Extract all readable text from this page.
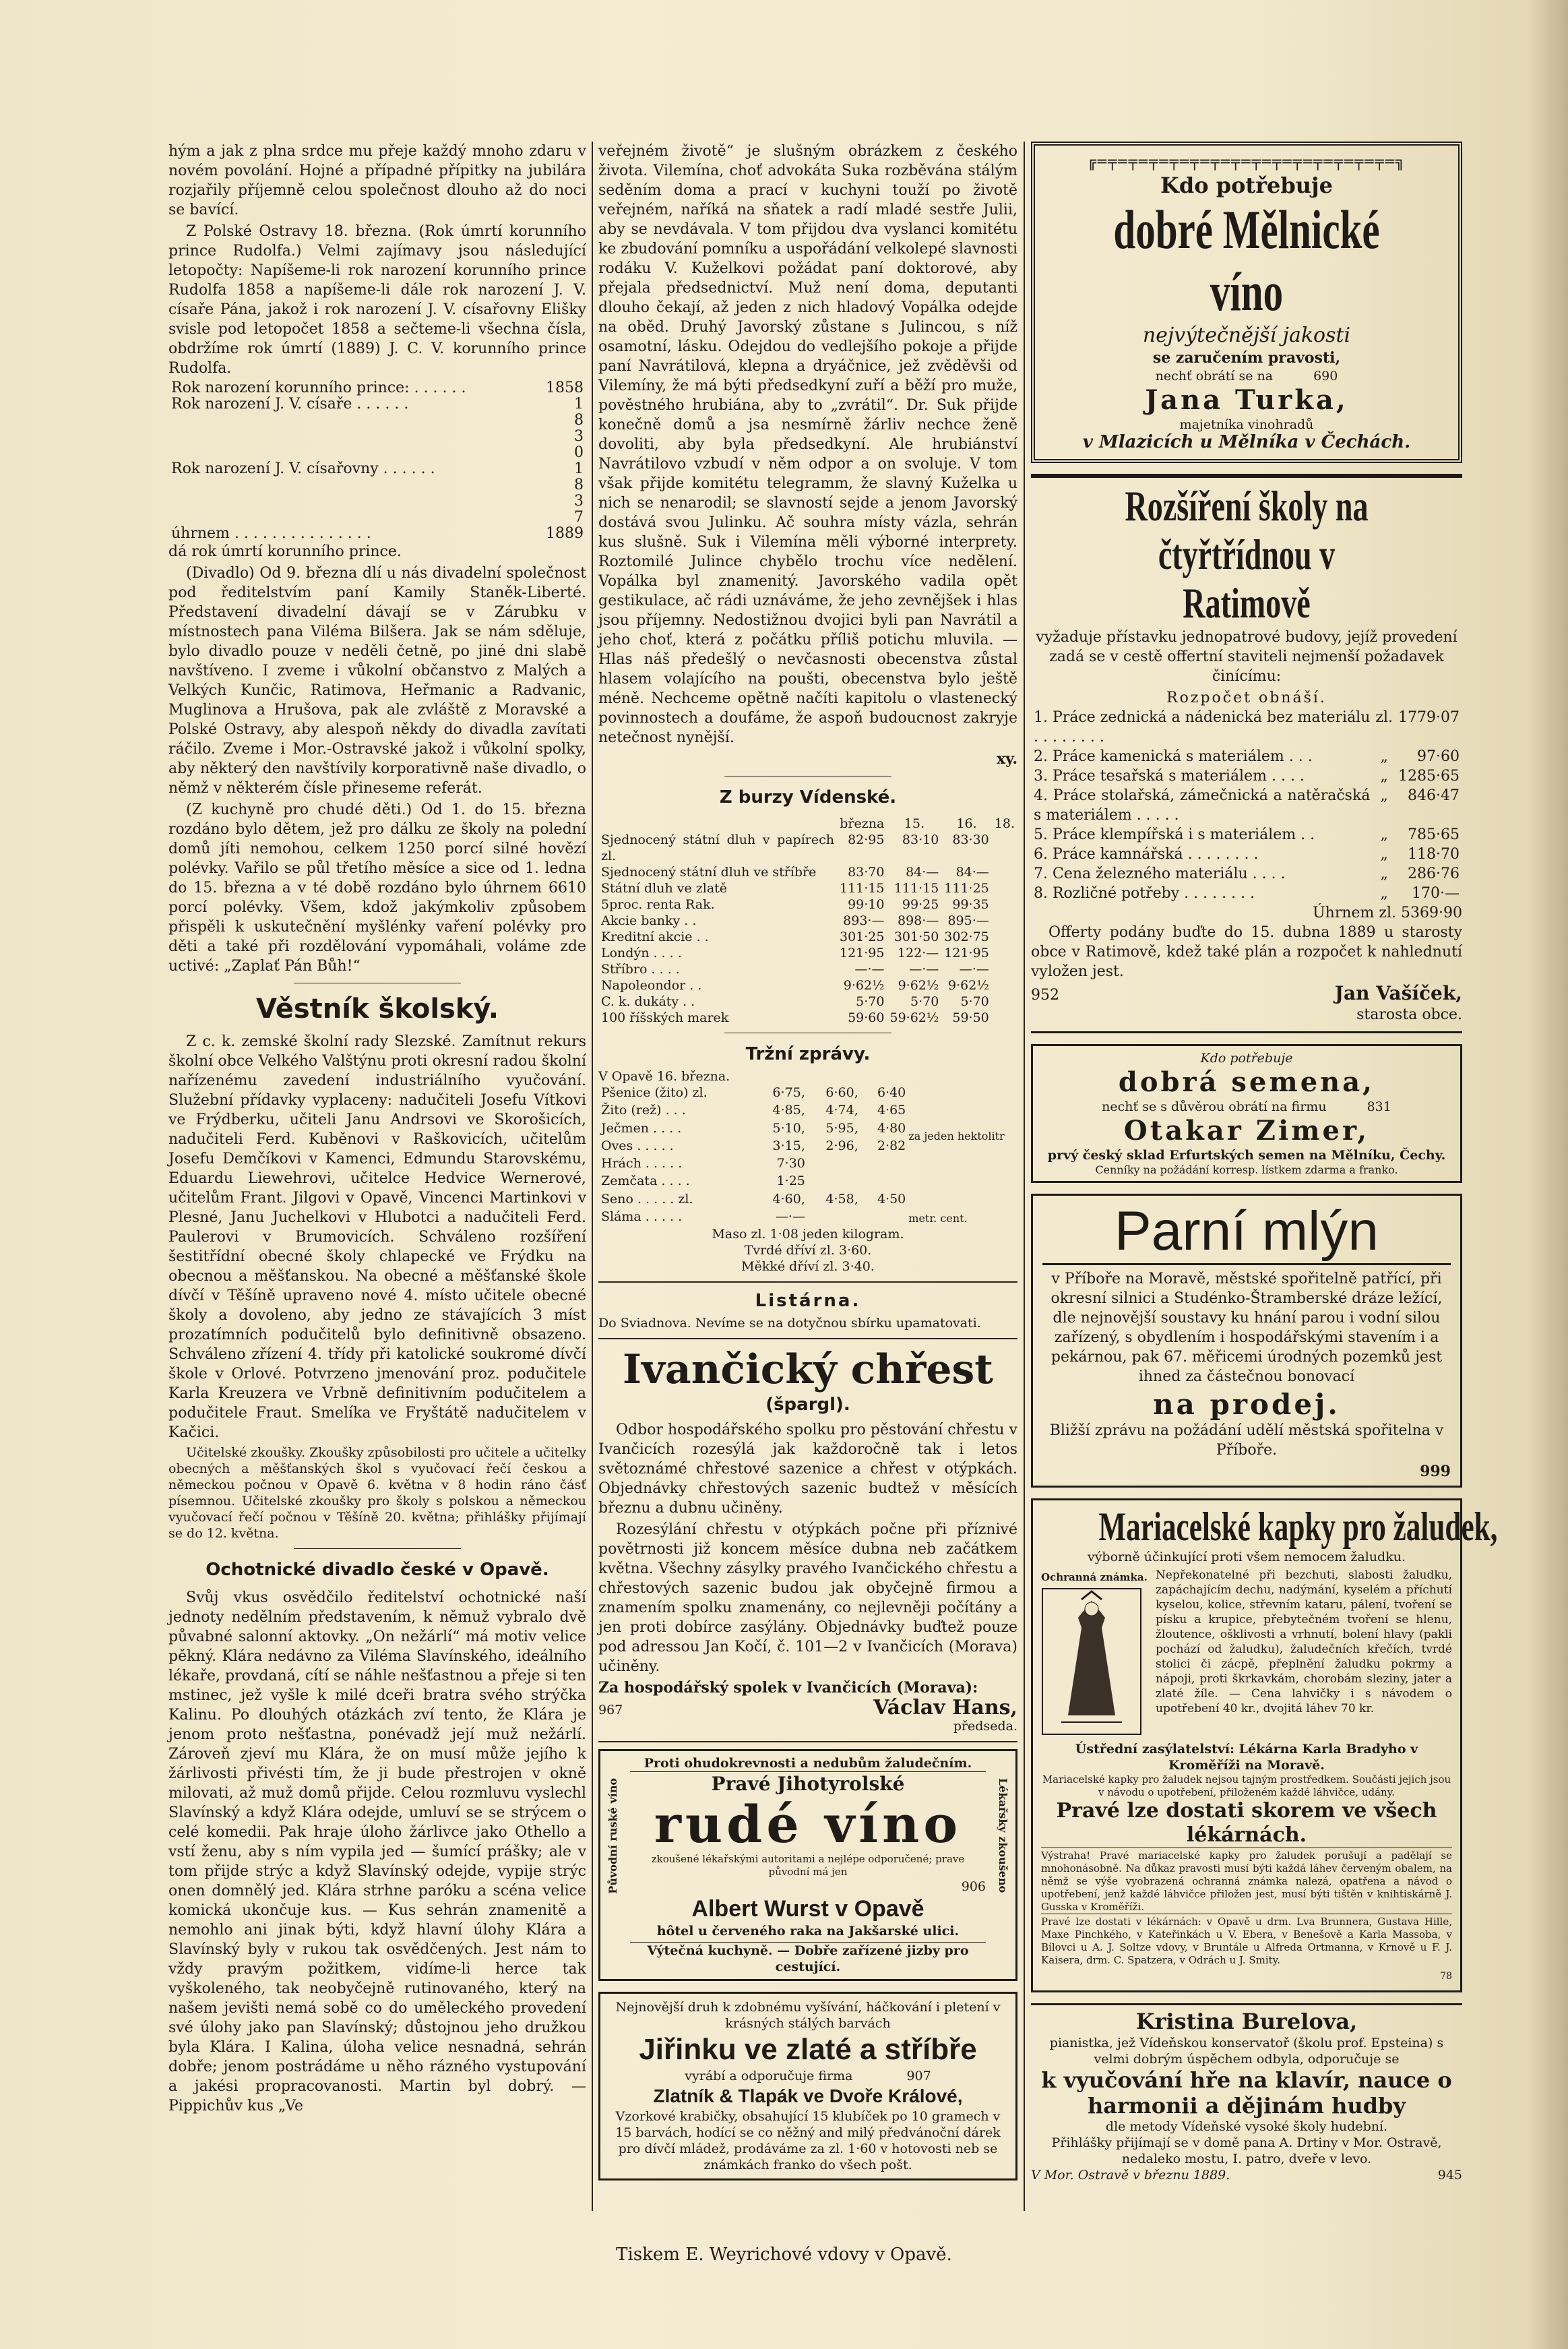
hým a jak z plna srdce mu přeje každý mnoho zdaru v novém povolání. Hojné a případné přípitky na jubilára rozjařily příjemně celou společnost dlouho až do noci se bavící.

Z Polské Ostravy 18. března. (Rok úmrtí korunního prince Rudolfa.) Velmi zajímavy jsou následující letopočty: Napíšeme-li rok narození korunního prince Rudolfa 1858 a napíšeme-li dále rok narození J. V. císaře Pána, jakož i rok narození J. V. císařovny Elišky svisle pod letopočet 1858 a sečteme-li všechna čísla, obdržíme rok úmrtí (1889) J. C. V. korunního prince Rudolfa.

Rok narození korunního prince: . . . . . .	1858
Rok narození J. V. císaře . . . . . .	1
	8
	3
	0
Rok narození J. V. císařovny . . . . . .	1
	8
	3
	7
úhrnem . . . . . . . . . . . . . . .	1889

dá rok úmrtí korunního prince.

(Divadlo) Od 9. března dlí u nás divadelní společnost pod ředitelstvím paní Kamily Staněk-Liberté. Představení divadelní dávají se v Zárubku v místnostech pana Viléma Bilšera. Jak se nám sděluje, bylo divadlo pouze v neděli četně, po jiné dni slabě navštíveno. I zveme i vůkolní občanstvo z Malých a Velkých Kunčic, Ratimova, Heřmanic a Radvanic, Muglinova a Hrušova, pak ale zvláště z Moravské a Polské Ostravy, aby alespoň někdy do divadla zavítati ráčilo. Zveme i Mor.-Ostravské jakož i vůkolní spolky, aby některý den navštívily korporativně naše divadlo, o němž v některém čísle přineseme referát.

(Z kuchyně pro chudé děti.) Od 1. do 15. března rozdáno bylo dětem, jež pro dálku ze školy na polední domů jíti nemohou, celkem 1250 porcí silné hovězí polévky. Vařilo se půl třetího měsíce a sice od 1. ledna do 15. března a v té době rozdáno bylo úhrnem 6610 porcí polévky. Všem, kdož jakýmkoliv způsobem přispěli k uskutečnění myšlénky vaření polévky pro děti a také při rozdělování vypomáhali, voláme zde uctivé: „Zaplať Pán Bůh!“

Věstník školský.

Z c. k. zemské školní rady Slezské. Zamítnut rekurs školní obce Velkého Valštýnu proti okresní radou školní nařízenému zavedení industriálního vyučování. Služební přídavky vyplaceny: nadučiteli Josefu Vítkovi ve Frýdberku, učiteli Janu Andrsovi ve Skorošicích, nadučiteli Ferd. Kuběnovi v Raškovicích, učitelům Josefu Demčíkovi v Kamenci, Edmundu Starovskému, Eduardu Liewehrovi, učitelce Hedvice Wernerové, učitelům Frant. Jilgovi v Opavě, Vincenci Martinkovi v Plesné, Janu Juchelkovi v Hlubotci a nadučiteli Ferd. Paulerovi v Brumovicích. Schváleno rozšíření šestitřídní obecné školy chlapecké ve Frýdku na obecnou a měšťanskou. Na obecné a měšťanské škole dívčí v Těšíně upraveno nové 4. místo učitele obecné školy a dovoleno, aby jedno ze stávajících 3 míst prozatímních podučitelů bylo definitivně obsazeno. Schváleno zřízení 4. třídy při katolické soukromé dívčí škole v Orlové. Potvrzeno jmenování proz. podučitele Karla Kreuzera ve Vrbně definitivním podučitelem a podučitele Fraut. Smelíka ve Fryštátě nadučitelem v Kačici.

Učitelské zkoušky. Zkoušky způsobilosti pro učitele a učitelky obecných a měšťanských škol s vyučovací řečí českou a německou počnou v Opavě 6. května v 8 hodin ráno čásť písemnou. Učitelské zkoušky pro školy s polskou a německou vyučovací řečí počnou v Těšíně 20. května; přihlášky přijímají se do 12. května.

Ochotnické divadlo české v Opavě.

Svůj vkus osvědčilo ředitelství ochotnické naší jednoty nedělním představením, k němuž vybralo dvě půvabné salonní aktovky. „On nežárlí“ má motiv velice pěkný. Klára nedávno za Viléma Slavínského, ideálního lékaře, provdaná, cítí se náhle nešťastnou a přeje si ten mstinec, jež vyšle k milé dceři bratra svého strýčka Kalinu. Po dlouhých otázkách zví tento, že Klára je jenom proto nešťastna, ponévadž její muž nežárlí. Zároveň zjeví mu Klára, že on musí může jejího k žárlivosti přivésti tím, že ji bude přestrojen v okně milovati, až muž domů přijde. Celou rozmluvu vyslechl Slavínský a když Klára odejde, umluví se se strýcem o celé komedii. Pak hraje úloho žárlivce jako Othello a vstí ženu, aby s ním vypila jed — šumící prášky; ale v tom přijde strýc a když Slavínský odejde, vypije strýc onen domnělý jed. Klára strhne paróku a scéna velice komická ukončuje kus. — Kus sehrán znamenitě a nemohlo ani jinak býti, když hlavní úlohy Klára a Slavínský byly v rukou tak osvědčených. Jest nám to vždy pravým požitkem, vidíme-li herce tak vyškoleného, tak neobyčejně rutinovaného, který na našem jevišti nemá sobě co do uměleckého provedení své úlohy jako pan Slavínský; důstojnou jeho družkou byla Klára. I Kalina, úloha velice nesnadná, sehrán dobře; jenom postrádáme u něho rázného vystupování a jakési propracovanosti. Martin byl dobrý. — Pippichův kus „Ve

veřejném životě“ je slušným obrázkem z českého života. Vilemína, choť advokáta Suka rozběvána stálým seděním doma a prací v kuchyni touží po životě veřejném, naříká na sňatek a radí mladé sestře Julii, aby se nevdávala. V tom přijdou dva vyslanci komitétu ke zbudování pomníku a uspořádání velkolepé slavnosti rodáku V. Kuželkovi požádat paní doktorové, aby přejala předsednictví. Muž není doma, deputanti dlouho čekají, až jeden z nich hladový Vopálka odejde na oběd. Druhý Javorský zůstane s Julincou, s níž osamotní, lásku. Odejdou do vedlejšího pokoje a přijde paní Navrátilová, klepna a dryáčnice, jež zvěděvši od Vilemíny, že má býti předsedkyní zuří a běží pro muže, pověstného hrubiána, aby to „zvrátil“. Dr. Suk přijde konečně domů a jsa nesmírně žárliv nechce ženě dovoliti, aby byla předsedkyní. Ale hrubiánství Navrátilovo vzbudí v něm odpor a on svoluje. V tom však přijde komitétu telegramm, že slavný Kuželka u nich se nenarodil; se slavností sejde a jenom Javorský dostává svou Julinku. Ač souhra místy vázla, sehrán kus slušně. Suk i Vilemína měli výborné interprety. Roztomilé Julince chybělo trochu více nedělení. Vopálka byl znamenitý. Javorského vadila opět gestikulace, ač rádi uznáváme, že jeho zevnějšek i hlas jsou příjemny. Nedostižnou dvojici byli pan Navrátil a jeho choť, která z počátku příliš potichu mluvila. — Hlas náš předešlý o nevčasnosti obecenstva zůstal hlasem volajícího na poušti, obecenstva bylo ještě méně. Nechceme opětně načíti kapitolu o vlastenecký povinnostech a doufáme, že aspoň budoucnost zakryje netečnost nynější.

xy.
Z burzy Vídenské.
	března	15.	16.	18.
Sjednocený státní dluh v papírech zl.	82·95	83·10	83·30	
Sjednocený státní dluh ve stříbře	83·70	84·—	84·—	
Státní dluh ve zlatě	111·15	111·15	111·25	
5proc. renta Rak.	99·10	99·25	99·35	
Akcie banky . .	893·—	898·—	895·—	
Kreditní akcie . .	301·25	301·50	302·75	
Londýn . . . .	121·95	122·—	121·95	
Stříbro . . . .	—·—	—·—	—·—	
Napoleondor . .	9·62½	9·62½	9·62½	
C. k. dukáty . .	5·70	5·70	5·70	
100 říšských marek	59·60	59·62½	59·50	
Tržní zprávy.
V Opavě 16. března.
Pšenice (žito) zl.	6·75,	6·60,	6·40
Žito (rež) . . .	4·85,	4·74,	4·65
Ječmen . . . .	5·10,	5·95,	4·80
Oves . . . . .	3·15,	2·96,	2·82
Hrách . . . . .	7·30		
Zemčata . . . .	1·25		
Seno . . . . . zl.	4·60,	4·58,	4·50
Sláma . . . . .	—·—		
za jeden hektolitr
metr. cent.
Maso zl. 1·08 jeden kilogram.
Tvrdé dříví zl. 3·60.
Měkké dříví zl. 3·40.
Listárna.
Do Sviadnova. Nevíme se na dotyčnou sbírku upamatovati.
Ivančický chřest
(špargl).

Odbor hospodářského spolku pro pěstování chřestu v Ivančicích rozesýlá jak každoročně tak i letos světoznámé chřestové sazenice a chřest v otýpkách. Objednávky chřestových sazenic budtež v měsících březnu a dubnu učiněny.

Rozesýlání chřestu v otýpkách počne při příznivé povětrnosti již koncem měsíce dubna neb začátkem května. Všechny zásylky pravého Ivančického chřestu a chřestových sazenic budou jak obyčejně firmou a znamením spolku znamenány, co nejlevněji počítány a jen proti dobírce zasýlány. Objednávky buďtež pouze pod adressou Jan Kočí, č. 101—2 v Ivančicích (Morava) učiněny.

Za hospodářský spolek v Ivančicích (Morava):
967	Václav Hans,
předseda.
Proti ohudokrevnosti a nedubům žaludečním.
Pravé Jihotyrolské
rudé víno
zkoušené lékařskými autoritami a nejlépe odporučené; prave původní má jen
906
Albert Wurst v Opavě
hôtel u červeného raka na Jakšarské ulici.
Výtečná kuchyně. — Dobře zařízené jizby pro cestující.
Původní ruské víno	Lékařsky zkoušeno
Nejnovější druh k zdobnému vyšívání, háčkování i pletení v krásných stálých barvách
Jiřinku ve zlaté a stříbře
vyrábí a odporučuje firma	907
Zlatník & Tlapák ve Dvoře Králové,
Vzorkové krabičky, obsahující 15 klubíček po 10 gramech v 15 barvách, hodící se co něžný and milý předvánoční dárek pro dívčí mládež, prodáváme za zl. 1·60 v hotovosti neb se známkách franko do všech pošt.
╔═╤═╤═╤═╤═╤═╤═╤═╤═╤═╤═╤═╤═╤═╤═╗
Kdo potřebuje
dobré Mělnické víno
nejvýtečnější jakosti
se zaručením pravosti,
nechť obrátí se na	690
Jana Turka,
majetníka vinohradů
v Mlazicích u Mělníka v Čechách.
Rozšíření školy na čtyřtřídnou v Ratimově

vyžaduje přístavku jednopatrové budovy, jejíž provedení zadá se v cestě offertní staviteli nejmenší požadavek činícímu:

Rozpočet obnáší.
1. Práce zednická a nádenická bez materiálu . . . . . . . .	zl.	1779·07
2. Práce kamenická s materiálem . . .	„	97·60
3. Práce tesařská s materiálem . . . .	„	1285·65
4. Práce stolařská, zámečnická a natěračská s materiálem . . . . .	„	846·47
5. Práce klempířská i s materiálem . .	„	785·65
6. Práce kamnářská . . . . . . . .	„	118·70
7. Cena železného materiálu . . . .	„	286·76
8. Rozličné potřeby . . . . . . . .	„	170·—
Úhrnem zl. 5369·90

Offerty podány buďte do 15. dubna 1889 u starosty obce v Ratimově, kdež také plán a rozpočet k nahlednutí vyložen jest.

952	Jan Vašíček,
starosta obce.
Kdo potřebuje
dobrá semena,
nechť se s důvěrou obrátí na firmu	831
Otakar Zimer,
prvý český sklad Erfurtských semen na Mělníku, Čechy.
Cenníky na požádání korresp. lístkem zdarma a franko.
Parní mlýn

v Příboře na Moravě, městské spořitelně patřící, při okresní silnici a Studénko-Štramberské dráze ležící, dle nejnovější soustavy ku hnání parou i vodní silou zařízený, s obydlením i hospodářskými stavením i a pekárnou, pak 67. měřicemi úrodných pozemků jest ihned za částečnou bonovací

na prodej.

Bližší zprávu na požádání udělí městská spořitelna v Příboře.

999
Mariacelské kapky pro žaludek,
výborně účinkující proti všem nemocem žaludku.
Ochranná známka. Nepřekonatelné při bezchuti, slabosti žaludku, zapáchajícím dechu, nadýmání, kyselém a příchutí kyselou, kolice, střevním kataru, pálení, tvoření se písku a krupice, přebytečném tvoření se hlenu, žloutence, ošklivosti a vrhnutí, bolení hlavy (pakli pochází od žaludku), žaludečních křečích, tvrdé stolici či zácpě, přeplnění žaludku pokrmy a nápoji, proti škrkavkám, chorobám sleziny, jater a zlaté žíle. — Cena lahvičky i s návodem o upotřebení 40 kr., dvojitá láhev 70 kr.
Ústřední zasýlatelství: Lékárna Karla Bradyho v Kroměříži na Moravě.
Mariacelské kapky pro žaludek nejsou tajným prostředkem. Součásti jejich jsou v návodu o upotřebení, přiloženém každé láhvičce, udány.
Pravé lze dostati skorem ve všech lékárnách.
Výstraha! Pravé mariacelské kapky pro žaludek porušují a padělají se mnohonásobně. Na důkaz pravosti musí býti každá láhev červeným obalem, na němž se výše vyobrazená ochranná známka nalezá, opatřena a návod o upotřebení, jenž každé láhvičce přiložen jest, musí býti tištěn v knihtiskárně J. Gusska v Kroměříži.
Pravé lze dostati v lékárnách: v Opavě u drm. Lva Brunnera, Gustava Hille, Maxe Pinchkého, v Kateřinkách u V. Ebera, v Benešově a Karla Massoba, v Bílovci u A. J. Soltze vdovy, v Bruntále u Alfreda Ortmanna, v Krnově u F. J. Kaisera, drm. C. Spatzera, v Odrách u J. Smity.
78
Kristina Burelova,
pianistka, jež Vídeňskou konservatoř (školu prof. Epsteina) s velmi dobrým úspěchem odbyla, odporučuje se
k vyučování hře na klavír, nauce o harmonii a dějinám hudby
dle metody Vídeňské vysoké školy hudební.
Přihlášky přijímají se v domě pana A. Drtiny v Mor. Ostravě, nedaleko mostu, I. patro, dveře v levo.
V Mor. Ostravě v březnu 1889.	945
Tiskem E. Weyrichové vdovy v Opavě.
